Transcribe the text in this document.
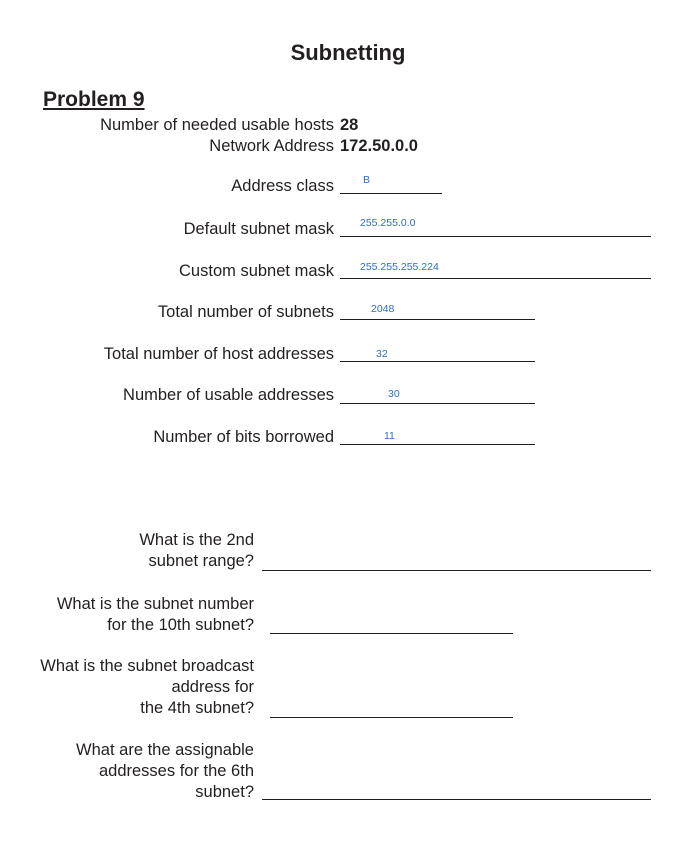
Subnetting
Problem 9
Number of needed usable hosts 28
Network Address 172.50.0.0
Address class	B
Default subnet mask 255.255.0.0
Custom subnet mask 255.255.255.224
Total number of subnets	2048
Total number of host addresses	32
Number of usable addresses	30
Number of bits borrowed	11
What is the 2nd
subnet range?
What is the subnet number
for the 10th subnet?
What is the subnet broadcast
address for
the 4th subnet?
What are the assignable
addresses for the 6th
subnet?
